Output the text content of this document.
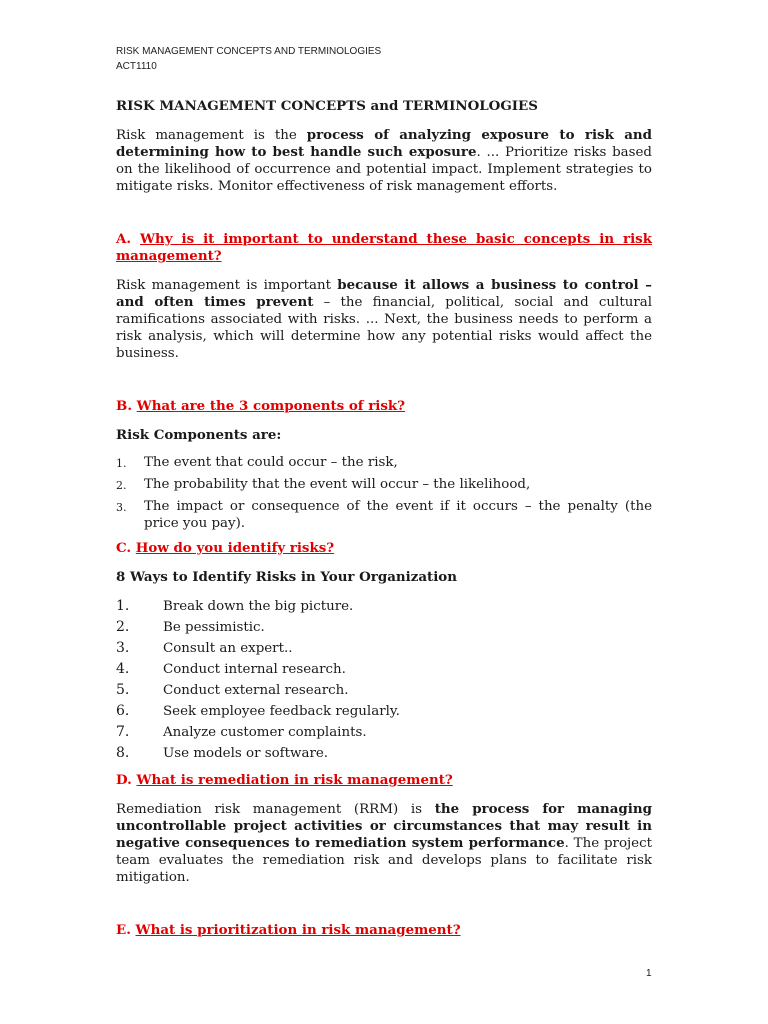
RISK MANAGEMENT CONCEPTS AND TERMINOLOGIES
ACT1110
RISK MANAGEMENT CONCEPTS and TERMINOLOGIES

Risk management is the process of analyzing exposure to risk and determining how to best handle such exposure. ... Prioritize risks based on the likelihood of occurrence and potential impact. Implement strategies to mitigate risks. Monitor effectiveness of risk management efforts.

A. Why is it important to understand these basic concepts in risk management?

Risk management is important because it allows a business to control – and often times prevent – the financial, political, social and cultural ramifications associated with risks. ... Next, the business needs to perform a risk analysis, which will determine how any potential risks would affect the business.

B. What are the 3 components of risk?

Risk Components are:
1.	The event that could occur – the risk,
2.	The probability that the event will occur – the likelihood,
3.	The impact or consequence of the event if it occurs – the penalty (the price you pay).

C. How do you identify risks?

8 Ways to Identify Risks in Your Organization
1.	Break down the big picture.
2.	Be pessimistic.
3.	Consult an expert..
4.	Conduct internal research.
5.	Conduct external research.
6.	Seek employee feedback regularly.
7.	Analyze customer complaints.
8.	Use models or software.

D. What is remediation in risk management?

Remediation risk management (RRM) is the process for managing uncontrollable project activities or circumstances that may result in negative consequences to remediation system performance. The project team evaluates the remediation risk and develops plans to facilitate risk mitigation.

E. What is prioritization in risk management?

1
